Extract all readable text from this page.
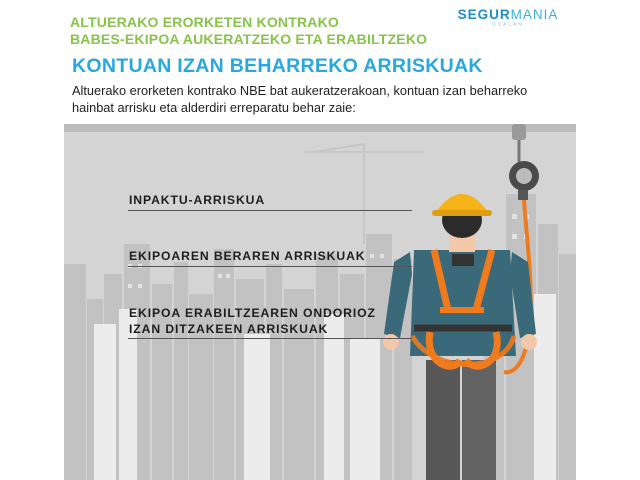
ALTUERAKO ERORKETEN KONTRAKO
BABES-EKIPOA AUKERATZEKO ETA ERABILTZEKO
SEGURMANIA
OSALAN
KONTUAN IZAN BEHARREKO ARRISKUAK
Altuerako erorketen kontrako NBE bat aukeratzerakoan, kontuan izan beharreko hainbat arrisku eta alderdiri erreparatu behar zaie:
INPAKTU-ARRISKUA
EKIPOAREN BERAREN ARRISKUAK
EKIPOA ERABILTZEAREN ONDORIOZ
IZAN DITZAKEEN ARRISKUAK
